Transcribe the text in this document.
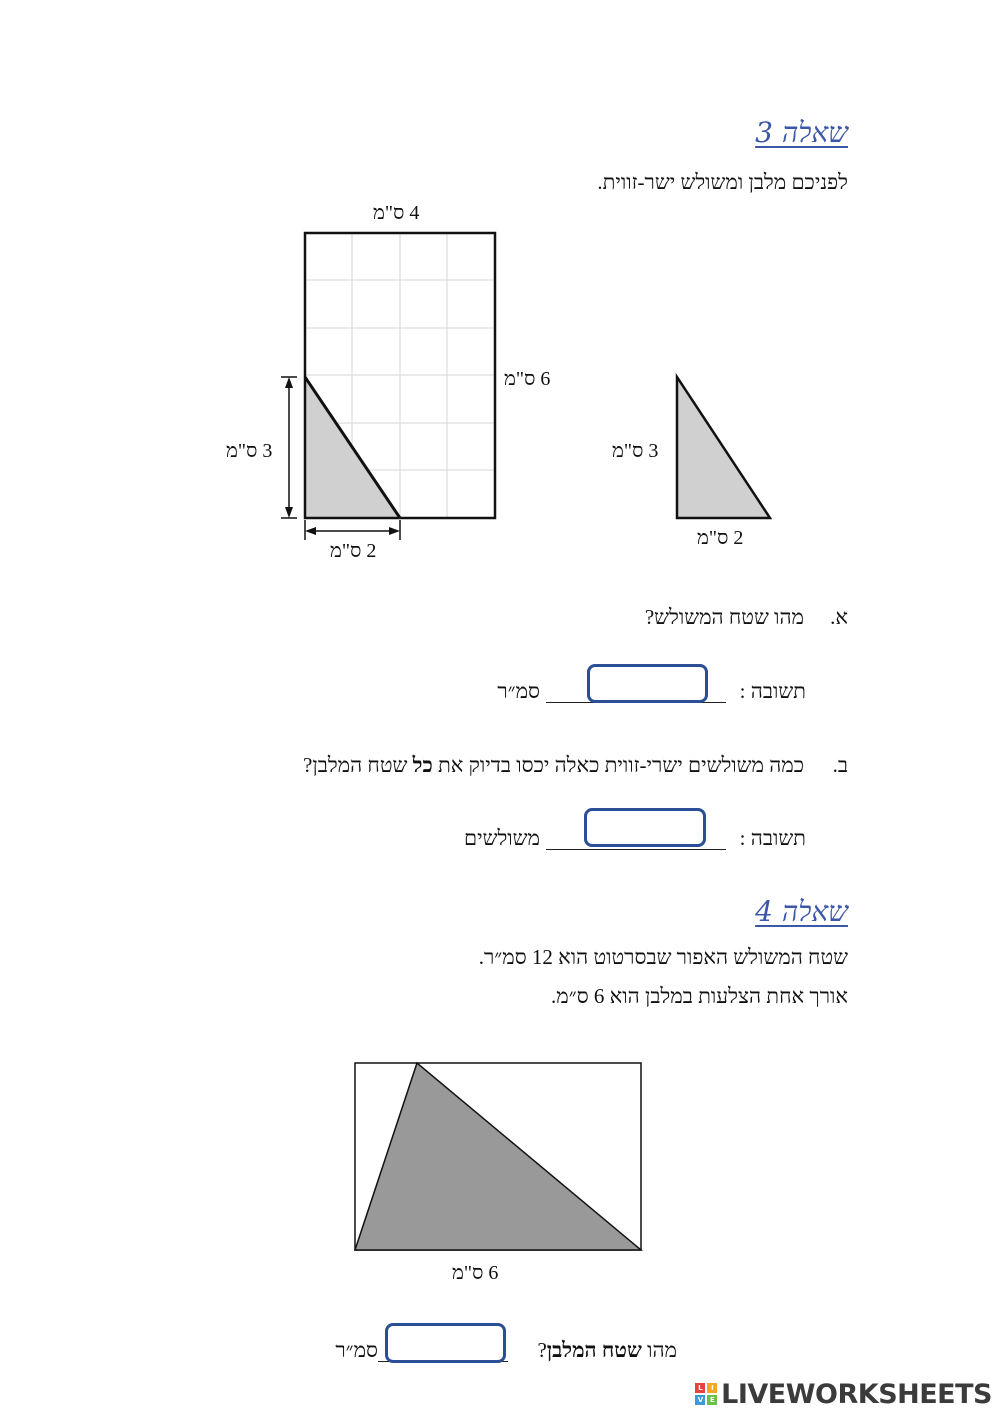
שאלה 3
לפניכם מלבן ומשולש ישר-זווית.
4 ס"מ
6 ס"מ
3 ס"מ
2 ס"מ
3 ס"מ
2 ס"מ
א.
מהו שטח המשולש?
תשובה :
סמ״ר
ב.
כמה משולשים ישרי-זווית כאלה יכסו בדיוק את כל שטח המלבן?
תשובה :
משולשים
שאלה 4
שטח המשולש האפור שבסרטוט הוא 12 סמ״ר.
אורך אחת הצלעות במלבן הוא 6 ס״מ.
6 ס"מ
מהו שטח המלבן?
סמ״ר
L	I
V	E LIVEWORKSHEETS
